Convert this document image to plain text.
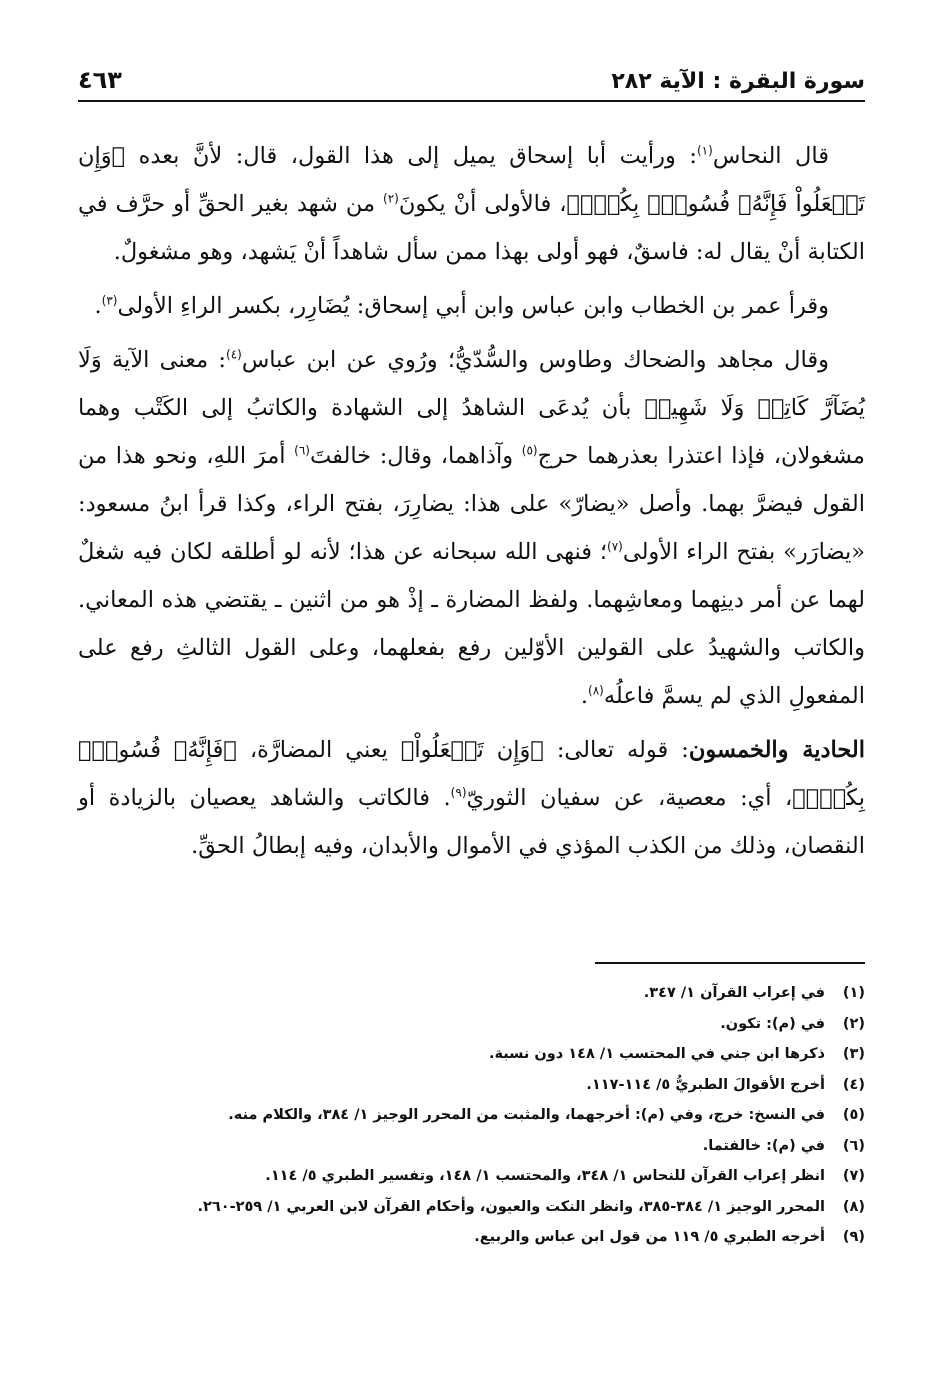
سورة البقرة : الآية ٢٨٢
٤٦٣

قال النحاس$^{(١)}$: ورأيت أبا إسحاق يميل إلى هذا القول، قال: لأنَّ بعده ﴿وَإِن تَفۡعَلُواْ فَإِنَّهُۥ فُسُوقُۢ بِكُمۡۗ﴾، فالأولى أنْ يكونَ$^{(٢)}$ من شهد بغير الحقِّ أو حرَّف في الكتابة أنْ يقال له: فاسقٌ، فهو أولى بهذا ممن سأل شاهداً أنْ يَشهد، وهو مشغولٌ.

وقرأ عمر بن الخطاب وابن عباس وابن أبي إسحاق: يُضَارِر، بكسر الراءِ الأولى$^{(٣)}$.

وقال مجاهد والضحاك وطاوس والسُّدّيُّ؛ ورُوي عن ابن عباس$^{(٤)}$: معنى الآية وَلَا يُضَآرَّ كَاتِبٞ وَلَا شَهِيدٞ بأن يُدعَى الشاهدُ إلى الشهادة والكاتبُ إلى الكَتْب وهما مشغولان، فإذا اعتذرا بعذرهما حرج$^{(٥)}$ وآذاهما، وقال: خالفتَ$^{(٦)}$ أمرَ اللهِ، ونحو هذا من القول فيضرَّ بهما. وأصل «يضارّ» على هذا: يضارِرَ، بفتح الراء، وكذا قرأ ابنُ مسعود: «يضارَر» بفتح الراء الأولى$^{(٧)}$؛ فنهى الله سبحانه عن هذا؛ لأنه لو أطلقه لكان فيه شغلٌ لهما عن أمر دينِهما ومعاشِهما. ولفظ المضارة ـ إذْ هو من اثنين ـ يقتضي هذه المعاني. والكاتب والشهيدُ على القولين الأوّلين رفع بفعلهما، وعلى القول الثالثِ رفع على المفعولِ الذي لم يسمَّ فاعلُه$^{(٨)}$.

الحادية والخمسون: قوله تعالى: ﴿وَإِن تَفۡعَلُواْ﴾ يعني المضارَّة، ﴿فَإِنَّهُۥ فُسُوقُۢ بِكُمۡۗ﴾، أي: معصية، عن سفيان الثوريّ$^{(٩)}$. فالكاتب والشاهد يعصيان بالزيادة أو النقصان، وذلك من الكذب المؤذي في الأموال والأبدان، وفيه إبطالُ الحقِّ.

(١)
في إعراب القرآن ١/ ٣٤٧.
(٢)
في (م): تكون.
(٣)
ذكرها ابن جني في المحتسب ١/ ١٤٨ دون نسبة.
(٤)
أخرج الأقوالَ الطبريُّ ٥/ ١١٤-١١٧.
(٥)
في النسخ: خرج، وفي (م): أخرجهما، والمثبت من المحرر الوجيز ١/ ٣٨٤، والكلام منه.
(٦)
في (م): خالفتما.
(٧)
انظر إعراب القرآن للنحاس ١/ ٣٤٨، والمحتسب ١/ ١٤٨، وتفسير الطبري ٥/ ١١٤.
(٨)
المحرر الوجيز ١/ ٣٨٤-٣٨٥، وانظر النكت والعيون، وأحكام القرآن لابن العربي ١/ ٢٥٩-٢٦٠.
(٩)
أخرجه الطبري ٥/ ١١٩ من قول ابن عباس والربيع.
